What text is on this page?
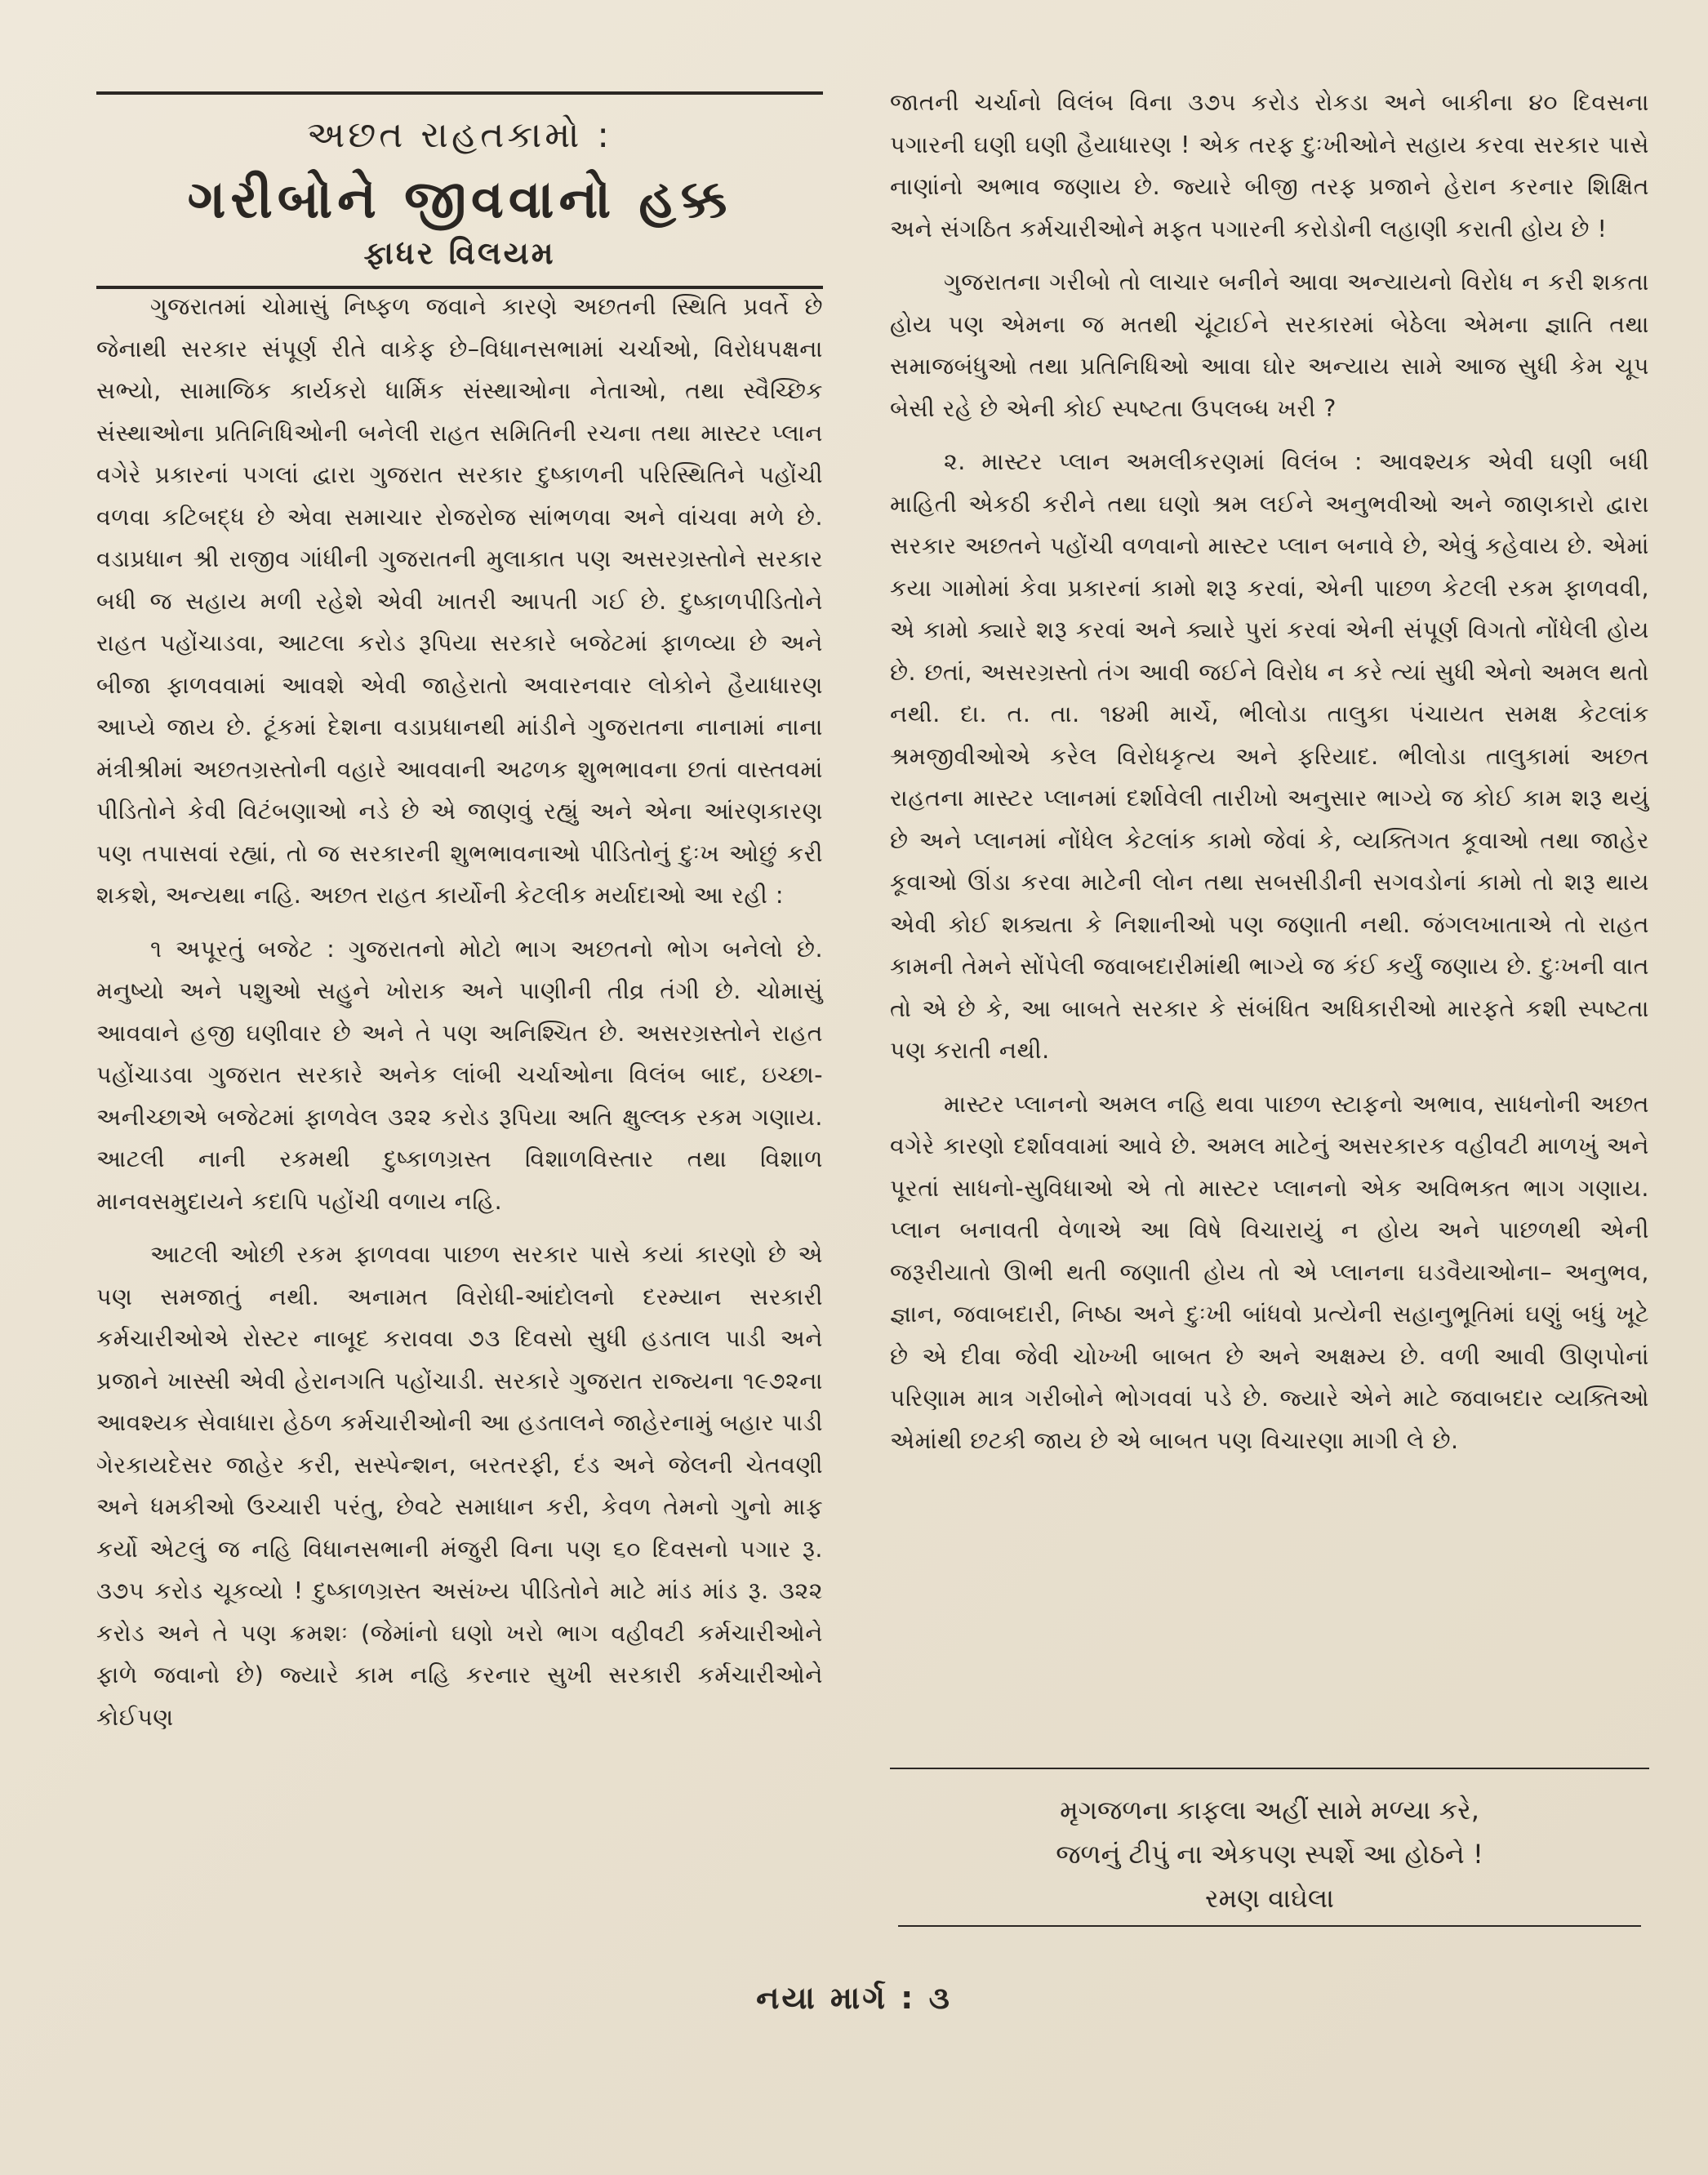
અછત રાહતકામો :
ગરીબોને જીવવાનો હક્ક
ફાધર વિલયમ

ગુજરાતમાં ચોમાસું નિષ્ફળ જવાને કારણે અછતની સ્થિતિ પ્રવર્તે છે જેનાથી સરકાર સંપૂર્ણ રીતે વાકેફ છે–વિધાનસભામાં ચર્ચાઓ, વિરોધપક્ષના સભ્યો, સામાજિક કાર્યકરો ધાર્મિક સંસ્થાઓના નેતાઓ, તથા સ્વૈચ્છિક સંસ્થાઓના પ્રતિનિધિઓની બનેલી રાહત સમિતિની રચના તથા માસ્ટર પ્લાન વગેરે પ્રકારનાં પગલાં દ્વારા ગુજરાત સરકાર દુષ્કાળની પરિસ્થિતિને પહોંચી વળવા કટિબદ્ધ છે એવા સમાચાર રોજરોજ સાંભળવા અને વાંચવા મળે છે. વડાપ્રધાન શ્રી રાજીવ ગાંધીની ગુજરાતની મુલાકાત પણ અસરગ્રસ્તોને સરકાર બધી જ સહાય મળી રહેશે એવી ખાતરી આપતી ગઈ છે. દુષ્કાળપીડિતોને રાહત પહોંચાડવા, આટલા કરોડ રૂપિયા સરકારે બજેટમાં ફાળવ્યા છે અને બીજા ફાળવવામાં આવશે એવી જાહેરાતો અવારનવાર લોકોને હૈયાધારણ આપ્યે જાય છે. ટૂંકમાં દેશના વડાપ્રધાનથી માંડીને ગુજરાતના નાનામાં નાના મંત્રીશ્રીમાં અછતગ્રસ્તોની વહારે આવવાની અઢળક શુભભાવના છતાં વાસ્તવમાં પીડિતોને કેવી વિટંબણાઓ નડે છે એ જાણવું રહ્યું અને એના આંરણકારણ પણ તપાસવાં રહ્યાં, તો જ સરકારની શુભભાવનાઓ પીડિતોનું દુઃખ ઓછું કરી શકશે, અન્યથા નહિ. અછત રાહત કાર્યોની કેટલીક મર્યાદાઓ આ રહી :

૧ અપૂરતું બજેટ : ગુજરાતનો મોટો ભાગ અછતનો ભોગ બનેલો છે. મનુષ્યો અને પશુઓ સહુને ખોરાક અને પાણીની તીવ્ર તંગી છે. ચોમાસું આવવાને હજી ઘણીવાર છે અને તે પણ અનિશ્ચિત છે. અસરગ્રસ્તોને રાહત પહોંચાડવા ગુજરાત સરકારે અનેક લાંબી ચર્ચાઓના વિલંબ બાદ, ઇચ્છા-અનીચ્છાએ બજેટમાં ફાળવેલ ૩૨૨ કરોડ રૂપિયા અતિ ક્ષુલ્લક રકમ ગણાય. આટલી નાની રકમથી દુષ્કાળગ્રસ્ત વિશાળવિસ્તાર તથા વિશાળ માનવસમુદાયને કદાપિ પહોંચી વળાય નહિ.

આટલી ઓછી રકમ ફાળવવા પાછળ સરકાર પાસે કયાં કારણો છે એ પણ સમજાતું નથી. અનામત વિરોધી-આંદોલનો દરમ્યાન સરકારી કર્મચારીઓએ રોસ્ટર નાબૂદ કરાવવા ૭૩ દિવસો સુધી હડતાલ પાડી અને પ્રજાને ખાસ્સી એવી હેરાનગતિ પહોંચાડી. સરકારે ગુજરાત રાજ્યના ૧૯૭૨ના આવશ્યક સેવાધારા હેઠળ કર્મચારીઓની આ હડતાલને જાહેરનામું બહાર પાડી ગેરકાયદેસર જાહેર કરી, સસ્પેન્શન, બરતરફી, દંડ અને જેલની ચેતવણી અને ધમકીઓ ઉચ્ચારી પરંતુ, છેવટે સમાધાન કરી, કેવળ તેમનો ગુનો માફ કર્યો એટલું જ નહિ વિધાનસભાની મંજુરી વિના પણ ૬૦ દિવસનો પગાર રૂ. ૩૭૫ કરોડ ચૂકવ્યો ! દુષ્કાળગ્રસ્ત અસંખ્ય પીડિતોને માટે માંડ માંડ રૂ. ૩૨૨ કરોડ અને તે પણ ક્રમશઃ (જેમાંનો ઘણો ખરો ભાગ વહીવટી કર્મચારીઓને ફાળે જવાનો છે) જ્યારે કામ નહિ કરનાર સુખી સરકારી કર્મચારીઓને કોઈપણ

જાતની ચર્ચાનો વિલંબ વિના ૩૭૫ કરોડ રોકડા અને બાકીના ૪૦ દિવસના પગારની ઘણી ઘણી હૈયાધારણ ! એક તરફ દુઃખીઓને સહાય કરવા સરકાર પાસે નાણાંનો અભાવ જણાય છે. જ્યારે બીજી તરફ પ્રજાને હેરાન કરનાર શિક્ષિત અને સંગઠિત કર્મચારીઓને મફત પગારની કરોડોની લહાણી કરાતી હોય છે !

ગુજરાતના ગરીબો તો લાચાર બનીને આવા અન્યાયનો વિરોધ ન કરી શકતા હોય પણ એમના જ મતથી ચૂંટાઈને સરકારમાં બેઠેલા એમના જ્ઞાતિ તથા સમાજબંધુઓ તથા પ્રતિનિધિઓ આવા ઘોર અન્યાય સામે આજ સુધી કેમ ચૂપ બેસી રહે છે એની કોઈ સ્પષ્ટતા ઉપલબ્ધ ખરી ?

૨. માસ્ટર પ્લાન અમલીકરણમાં વિલંબ : આવશ્યક એવી ઘણી બધી માહિતી એકઠી કરીને તથા ઘણો શ્રમ લઈને અનુભવીઓ અને જાણકારો દ્વારા સરકાર અછતને પહોંચી વળવાનો માસ્ટર પ્લાન બનાવે છે, એવું કહેવાય છે. એમાં કયા ગામોમાં કેવા પ્રકારનાં કામો શરૂ કરવાં, એની પાછળ કેટલી રકમ ફાળવવી, એ કામો ક્યારે શરૂ કરવાં અને ક્યારે પુરાં કરવાં એની સંપૂર્ણ વિગતો નોંધેલી હોય છે. છતાં, અસરગ્રસ્તો તંગ આવી જઈને વિરોધ ન કરે ત્યાં સુધી એનો અમલ થતો નથી. દા. ત. તા. ૧૪મી માર્ચે, ભીલોડા તાલુકા પંચાયત સમક્ષ કેટલાંક શ્રમજીવીઓએ કરેલ વિરોધકૃત્ય અને ફરિયાદ. ભીલોડા તાલુકામાં અછત રાહતના માસ્ટર પ્લાનમાં દર્શાવેલી તારીખો અનુસાર ભાગ્યે જ કોઈ કામ શરૂ થયું છે અને પ્લાનમાં નોંધેલ કેટલાંક કામો જેવાં કે, વ્યક્તિગત કૂવાઓ તથા જાહેર કૂવાઓ ઊંડા કરવા માટેની લોન તથા સબસીડીની સગવડોનાં કામો તો શરૂ થાય એવી કોઈ શક્યતા કે નિશાનીઓ પણ જણાતી નથી. જંગલખાતાએ તો રાહત કામની તેમને સોંપેલી જવાબદારીમાંથી ભાગ્યે જ કંઈ કર્યું જણાય છે. દુઃખની વાત તો એ છે કે, આ બાબતે સરકાર કે સંબંધિત અધિકારીઓ મારફતે કશી સ્પષ્ટતા પણ કરાતી નથી.

માસ્ટર પ્લાનનો અમલ નહિ થવા પાછળ સ્ટાફનો અભાવ, સાધનોની અછત વગેરે કારણો દર્શાવવામાં આવે છે. અમલ માટેનું અસરકારક વહીવટી માળખું અને પૂરતાં સાધનો-સુવિધાઓ એ તો માસ્ટર પ્લાનનો એક અવિભક્ત ભાગ ગણાય. પ્લાન બનાવતી વેળાએ આ વિષે વિચારાયું ન હોય અને પાછળથી એની જરૂરીયાતો ઊભી થતી જણાતી હોય તો એ પ્લાનના ઘડવૈયાઓના– અનુભવ, જ્ઞાન, જવાબદારી, નિષ્ઠા અને દુઃખી બાંધવો પ્રત્યેની સહાનુભૂતિમાં ઘણું બધું ખૂટે છે એ દીવા જેવી ચોખ્ખી બાબત છે અને અક્ષમ્ય છે. વળી આવી ઊણપોનાં પરિણામ માત્ર ગરીબોને ભોગવવાં પડે છે. જ્યારે એને માટે જવાબદાર વ્યક્તિઓ એમાંથી છટકી જાય છે એ બાબત પણ વિચારણા માગી લે છે.

મૃગજળના કાફલા અહીં સામે મળ્યા કરે,
જળનું ટીપું ના એકપણ સ્પર્શે આ હોઠને !
રમણ વાઘેલા
નયા માર્ગ : ૩
